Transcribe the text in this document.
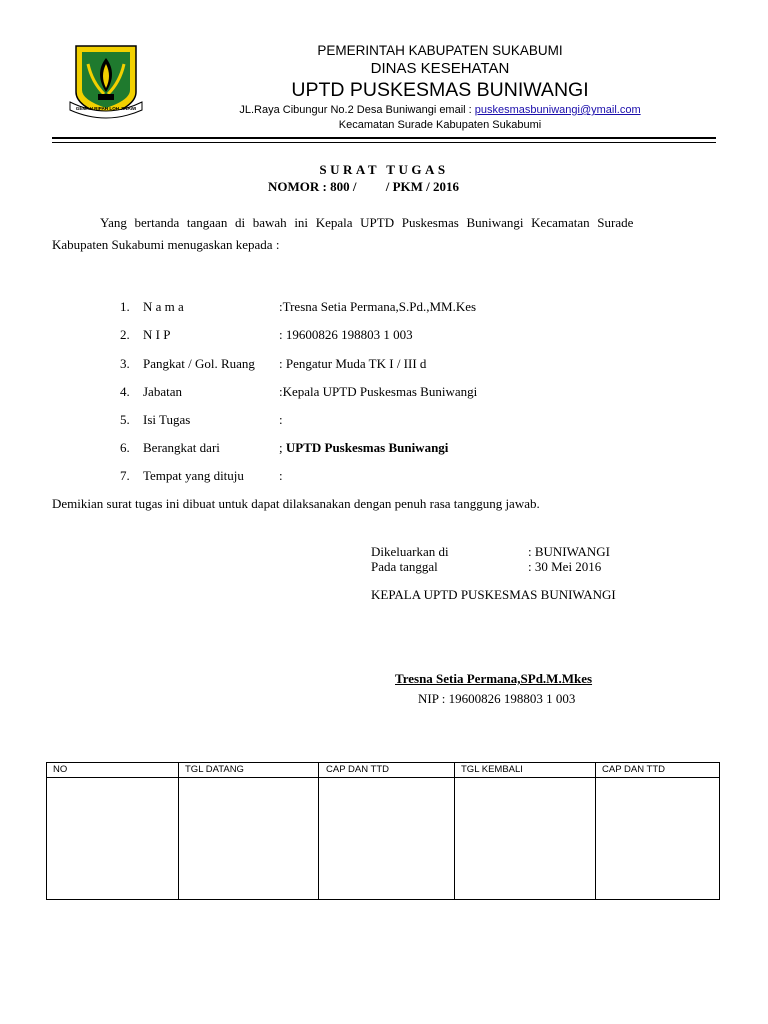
GEMAH RIPAH LOH JINAWI
PEMERINTAH KABUPATEN SUKABUMI
DINAS KESEHATAN
UPTD PUSKESMAS BUNIWANGI
JL.Raya Cibungur No.2 Desa Buniwangi email : puskesmasbuniwangi@ymail.com
Kecamatan Surade Kabupaten Sukabumi
SURAT TUGAS
NOMOR : 800 /         / PKM / 2016
Yang bertanda tangaan di bawah ini Kepala UPTD Puskesmas Buniwangi Kecamatan Surade
Kabupaten Sukabumi menugaskan kepada :
1. N a m a	:Tresna Setia Permana,S.Pd.,MM.Kes
2. N I P	: 19600826 198803 1 003
3. Pangkat / Gol. Ruang : Pengatur Muda TK I / III d
4. Jabatan	:Kepala UPTD Puskesmas Buniwangi
5. Isi Tugas	:
6. Berangkat dari	; UPTD Puskesmas Buniwangi
7. Tempat yang dituju	:
Demikian surat tugas ini dibuat untuk dapat dilaksanakan dengan penuh rasa tanggung jawab.
Dikeluarkan di	: BUNIWANGI
Pada tanggal	: 30 Mei 2016
KEPALA UPTD PUSKESMAS BUNIWANGI
Tresna Setia Permana,SPd.M.Mkes
NIP : 19600826 198803 1 003
NO	TGL DATANG	CAP DAN TTD	TGL KEMBALI	CAP DAN TTD
